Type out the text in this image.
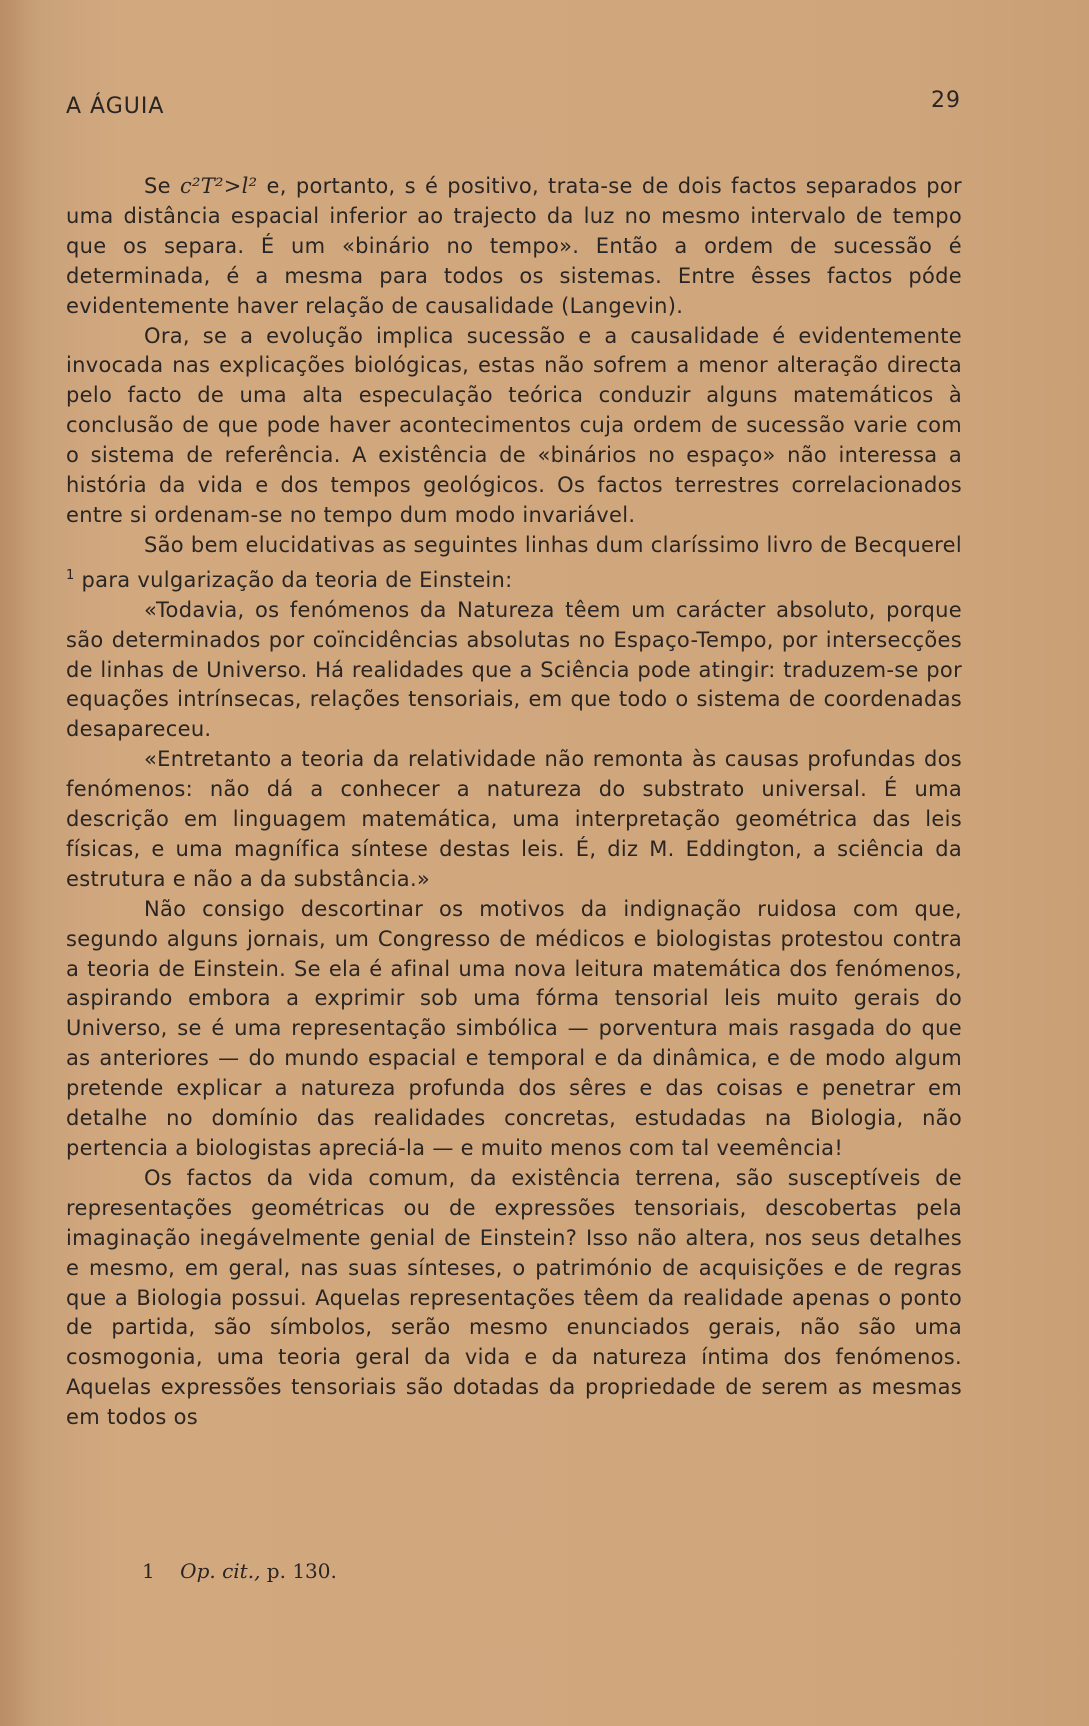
A ÁGUIA	29

Se c²T²>l² e, portanto, s é positivo, trata-se de dois factos separados por uma distância espacial inferior ao trajecto da luz no mesmo intervalo de tempo que os separa. É um «binário no tempo». Então a ordem de sucessão é determinada, é a mesma para todos os sistemas. Entre êsses factos póde evidentemente haver relação de causalidade (Langevin).

Ora, se a evolução implica sucessão e a causalidade é evidentemente invocada nas explicações biológicas, estas não sofrem a menor alteração directa pelo facto de uma alta especulação teórica conduzir alguns matemáticos à conclusão de que pode haver acontecimentos cuja ordem de sucessão varie com o sistema de referência. A existência de «binários no espaço» não interessa a história da vida e dos tempos geológicos. Os factos terrestres correlacionados entre si ordenam-se no tempo dum modo invariável.

São bem elucidativas as seguintes linhas dum claríssimo livro de Becquerel $^1$ para vulgarização da teoria de Einstein:

«Todavia, os fenómenos da Natureza têem um carácter absoluto, porque são determinados por coïncidências absolutas no Espaço-Tempo, por intersecções de linhas de Universo. Há realidades que a Sciência pode atingir: traduzem-se por equações intrínsecas, relações tensoriais, em que todo o sistema de coordenadas desapareceu.

«Entretanto a teoria da relatividade não remonta às causas profundas dos fenómenos: não dá a conhecer a natureza do substrato universal. É uma descrição em linguagem matemática, uma interpretação geométrica das leis físicas, e uma magnífica síntese destas leis. É, diz M. Eddington, a sciência da estrutura e não a da substância.»

Não consigo descortinar os motivos da indignação ruidosa com que, segundo alguns jornais, um Congresso de médicos e biologistas protestou contra a teoria de Einstein. Se ela é afinal uma nova leitura matemática dos fenómenos, aspirando embora a exprimir sob uma fórma tensorial leis muito gerais do Universo, se é uma representação simbólica — porventura mais rasgada do que as anteriores — do mundo espacial e temporal e da dinâmica, e de modo algum pretende explicar a natureza profunda dos sêres e das coisas e penetrar em detalhe no domínio das realidades concretas, estudadas na Biologia, não pertencia a biologistas apreciá-la — e muito menos com tal veemência!

Os factos da vida comum, da existência terrena, são susceptíveis de representações geométricas ou de expressões tensoriais, descobertas pela imaginação inegávelmente genial de Einstein? Isso não altera, nos seus detalhes e mesmo, em geral, nas suas sínteses, o património de acquisições e de regras que a Biologia possui. Aquelas representações têem da realidade apenas o ponto de partida, são símbolos, serão mesmo enunciados gerais, não são uma cosmogonia, uma teoria geral da vida e da natureza íntima dos fenómenos. Aquelas expressões tensoriais são dotadas da propriedade de serem as mesmas em todos os

1 Op. cit., p. 130.
